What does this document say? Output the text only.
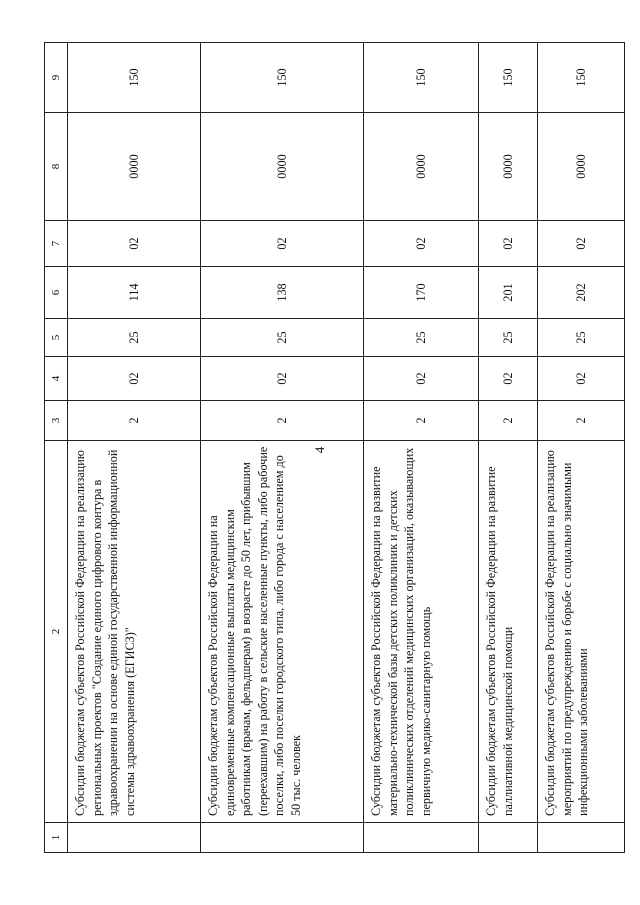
4
1	2	3	4	5	6	7	8	9
	Субсидии бюджетам субъектов Российской Федерации на реализацию региональных проектов "Создание единого цифрового контура в здравоохранении на основе единой государственной информационной системы здравоохранения (ЕГИСЗ)"	2	02	25	114	02	0000	150
	Субсидии бюджетам субъектов Российской Федерации на единовременные компенсационные выплаты медицинским работникам (врачам, фельдшерам) в возрасте до 50 лет, прибывшим (переехавшим) на работу в сельские населенные пункты, либо рабочие поселки, либо поселки городского типа, либо города с населением до 50 тыс. человек	2	02	25	138	02	0000	150
	Субсидии бюджетам субъектов Российской Федерации на развитие материально-технической базы детских поликлиник и детских поликлинических отделений медицинских организаций, оказывающих первичную медико-санитарную помощь	2	02	25	170	02	0000	150
	Субсидии бюджетам субъектов Российской Федерации на развитие паллиативной медицинской помощи	2	02	25	201	02	0000	150
	Субсидии бюджетам субъектов Российской Федерации на реализацию мероприятий по предупреждению и борьбе с социально значимыми инфекционными заболеваниями	2	02	25	202	02	0000	150
